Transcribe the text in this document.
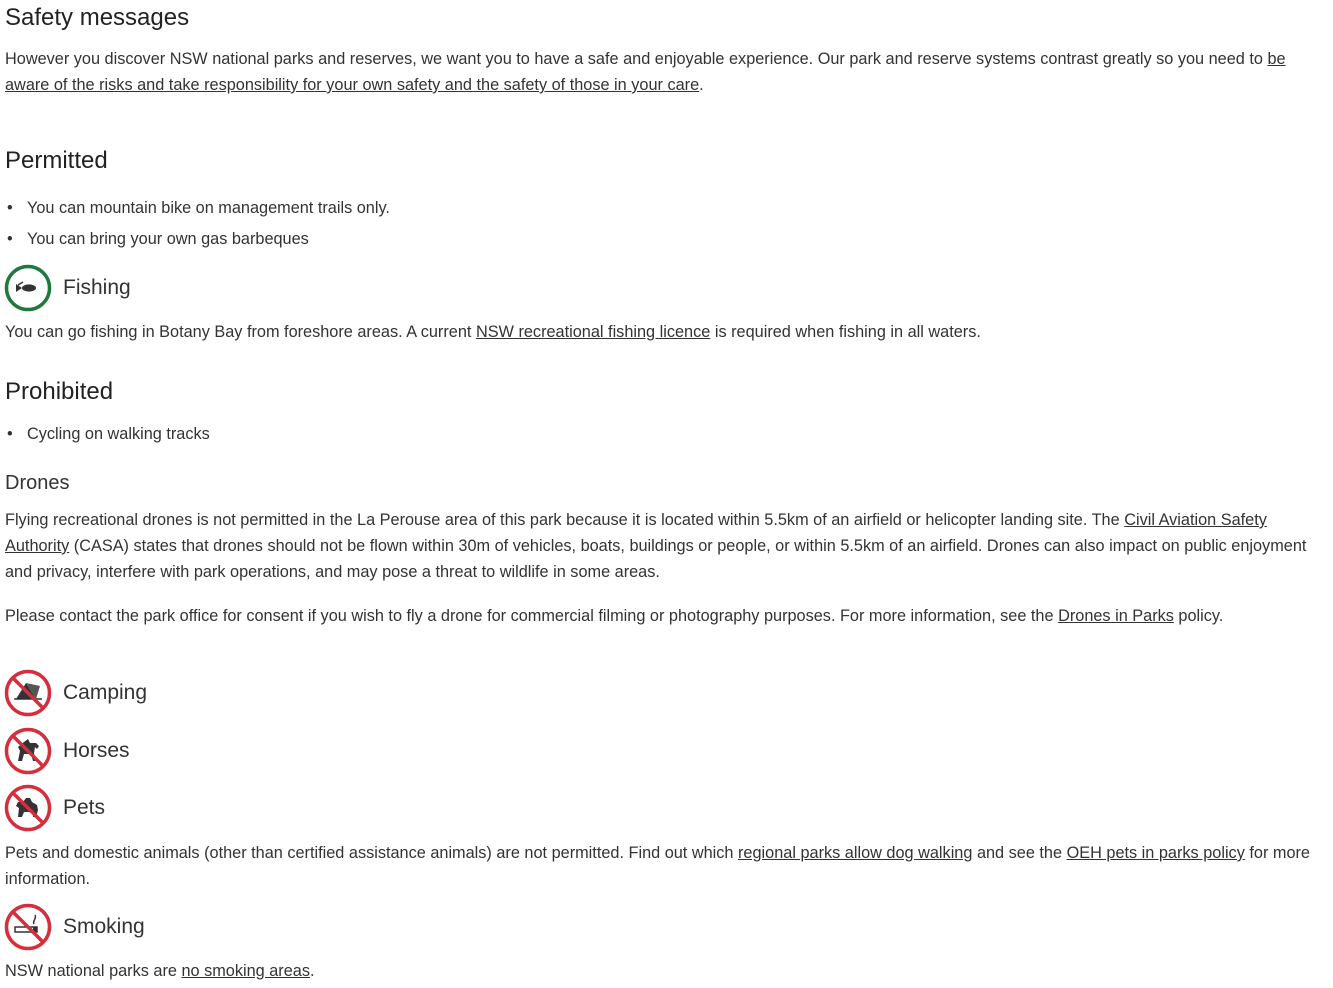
Safety messages

However you discover NSW national parks and reserves, we want you to have a safe and enjoyable experience. Our park and reserve systems contrast greatly so you need to be aware of the risks and take responsibility for your own safety and the safety of those in your care.

Permitted
• You can mountain bike on management trails only.
• You can bring your own gas barbeques
Fishing

You can go fishing in Botany Bay from foreshore areas. A current NSW recreational fishing licence is required when fishing in all waters.

Prohibited
• Cycling on walking tracks
Drones

Flying recreational drones is not permitted in the La Perouse area of this park because it is located within 5.5km of an airfield or helicopter landing site. The Civil Aviation Safety Authority (CASA) states that drones should not be flown within 30m of vehicles, boats, buildings or people, or within 5.5km of an airfield. Drones can also impact on public enjoyment and privacy, interfere with park operations, and may pose a threat to wildlife in some areas.

Please contact the park office for consent if you wish to fly a drone for commercial filming or photography purposes. For more information, see the Drones in Parks policy.

Camping
Horses
Pets

Pets and domestic animals (other than certified assistance animals) are not permitted. Find out which regional parks allow dog walking and see the OEH pets in parks policy for more information.

Smoking

NSW national parks are no smoking areas.
